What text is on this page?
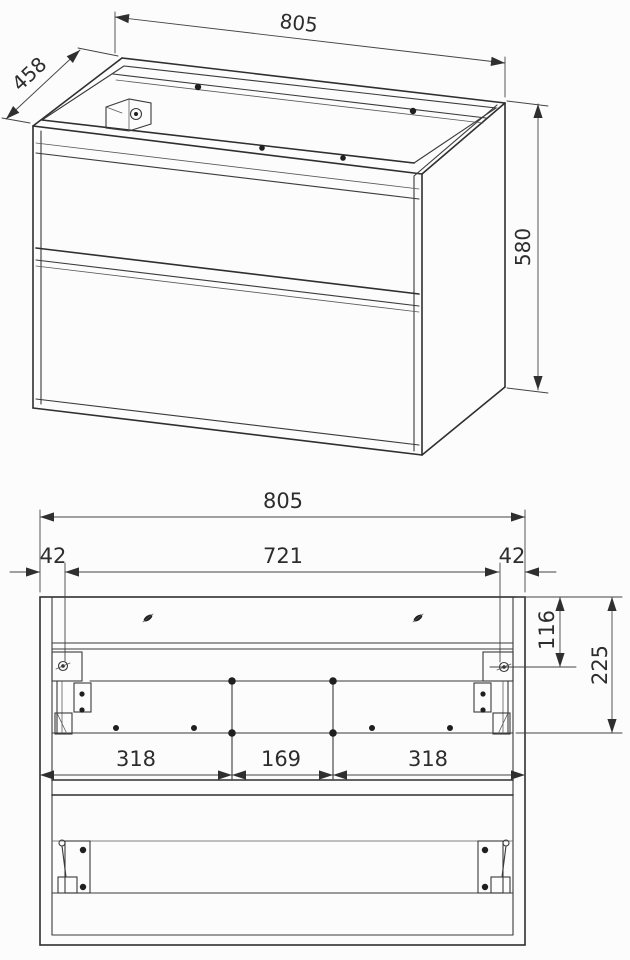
805
458
580
805
42	721	42
116
225
318	169	318
